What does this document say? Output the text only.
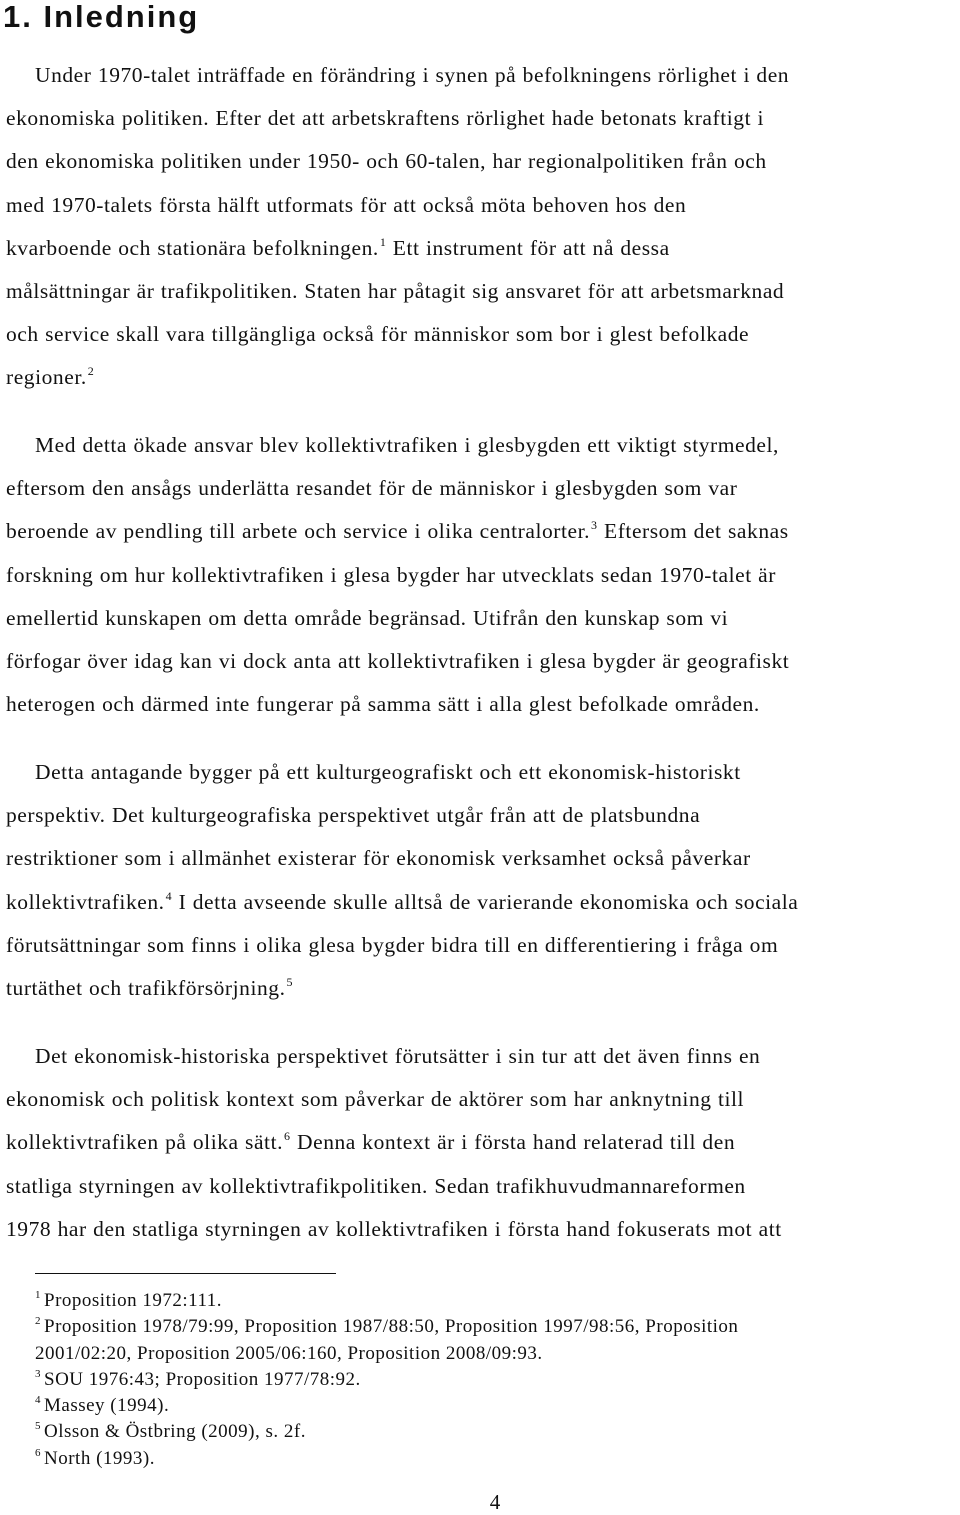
1. Inledning
Under 1970-talet inträffade en förändring i synen på befolkningens rörlighet i den
ekonomiska politiken. Efter det att arbetskraftens rörlighet hade betonats kraftigt i
den ekonomiska politiken under 1950- och 60-talen, har regionalpolitiken från och
med 1970-talets första hälft utformats för att också möta behoven hos den
kvarboende och stationära befolkningen.$^1$ Ett instrument för att nå dessa
målsättningar är trafikpolitiken. Staten har påtagit sig ansvaret för att arbetsmarknad
och service skall vara tillgängliga också för människor som bor i glest befolkade
regioner.$^2$
Med detta ökade ansvar blev kollektivtrafiken i glesbygden ett viktigt styrmedel,
eftersom den ansågs underlätta resandet för de människor i glesbygden som var
beroende av pendling till arbete och service i olika centralorter.$^3$ Eftersom det saknas
forskning om hur kollektivtrafiken i glesa bygder har utvecklats sedan 1970-talet är
emellertid kunskapen om detta område begränsad. Utifrån den kunskap som vi
förfogar över idag kan vi dock anta att kollektivtrafiken i glesa bygder är geografiskt
heterogen och därmed inte fungerar på samma sätt i alla glest befolkade områden.
Detta antagande bygger på ett kulturgeografiskt och ett ekonomisk-historiskt
perspektiv. Det kulturgeografiska perspektivet utgår från att de platsbundna
restriktioner som i allmänhet existerar för ekonomisk verksamhet också påverkar
kollektivtrafiken.$^4$ I detta avseende skulle alltså de varierande ekonomiska och sociala
förutsättningar som finns i olika glesa bygder bidra till en differentiering i fråga om
turtäthet och trafikförsörjning.$^5$
Det ekonomisk-historiska perspektivet förutsätter i sin tur att det även finns en
ekonomisk och politisk kontext som påverkar de aktörer som har anknytning till
kollektivtrafiken på olika sätt.$^6$ Denna kontext är i första hand relaterad till den
statliga styrningen av kollektivtrafikpolitiken. Sedan trafikhuvudmannareformen
1978 har den statliga styrningen av kollektivtrafiken i första hand fokuserats mot att
$^1$ Proposition 1972:111.
$^2$ Proposition 1978/79:99, Proposition 1987/88:50, Proposition 1997/98:56, Proposition
2001/02:20, Proposition 2005/06:160, Proposition 2008/09:93.
$^3$ SOU 1976:43; Proposition 1977/78:92.
$^4$ Massey (1994).
$^5$ Olsson & Östbring (2009), s. 2f.
$^6$ North (1993).
4
